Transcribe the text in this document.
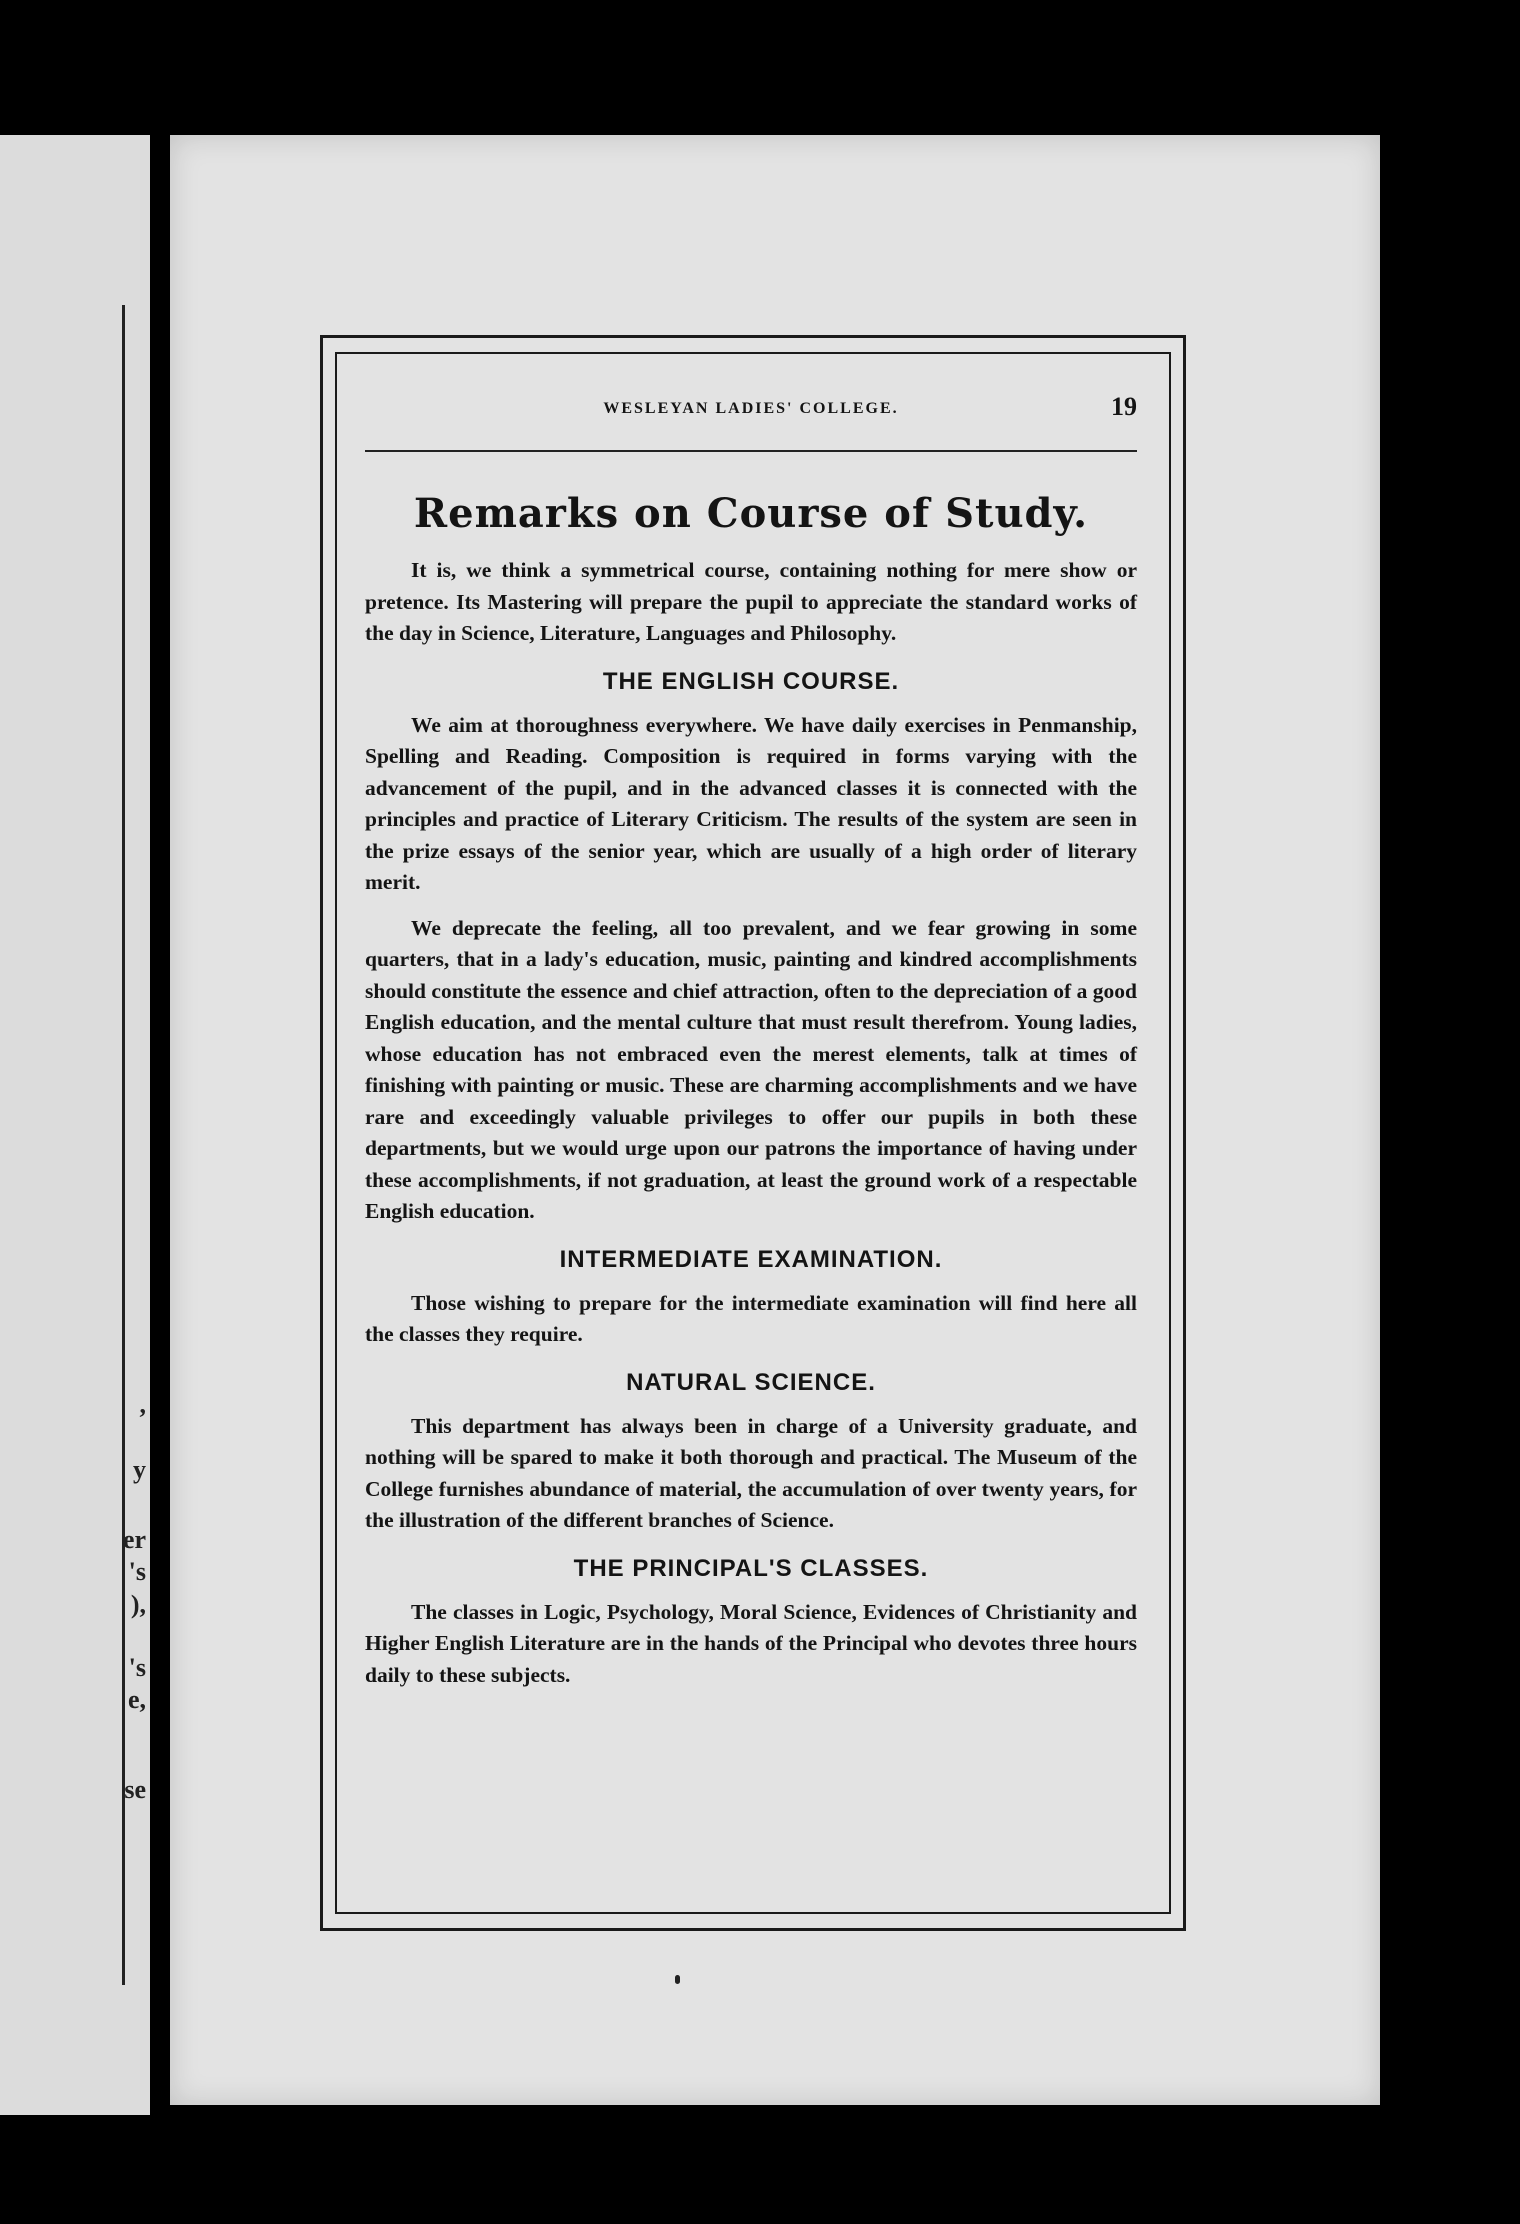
,
y
er
's
),
's
e,
se
WESLEYAN LADIES' COLLEGE.	19
Remarks on Course of Study.

It is, we think a symmetrical course, containing nothing for mere show or pretence. Its Mastering will prepare the pupil to appreciate the standard works of the day in Science, Literature, Languages and Philosophy.

THE ENGLISH COURSE.

We aim at thoroughness everywhere. We have daily exercises in Penmanship, Spelling and Reading. Composition is required in forms varying with the advancement of the pupil, and in the advanced classes it is connected with the principles and practice of Literary Criticism. The results of the system are seen in the prize essays of the senior year, which are usually of a high order of literary merit.

We deprecate the feeling, all too prevalent, and we fear growing in some quarters, that in a lady's education, music, painting and kindred accomplishments should constitute the essence and chief attraction, often to the depreciation of a good English education, and the mental culture that must result therefrom. Young ladies, whose education has not embraced even the merest elements, talk at times of finishing with painting or music. These are charming accomplishments and we have rare and exceedingly valuable privileges to offer our pupils in both these departments, but we would urge upon our patrons the importance of having under these accomplishments, if not graduation, at least the ground work of a respectable English education.

INTERMEDIATE EXAMINATION.

Those wishing to prepare for the intermediate examination will find here all the classes they require.

NATURAL SCIENCE.

This department has always been in charge of a University graduate, and nothing will be spared to make it both thorough and practical. The Museum of the College furnishes abundance of material, the accumulation of over twenty years, for the illustration of the different branches of Science.

THE PRINCIPAL'S CLASSES.

The classes in Logic, Psychology, Moral Science, Evidences of Christianity and Higher English Literature are in the hands of the Principal who devotes three hours daily to these subjects.
